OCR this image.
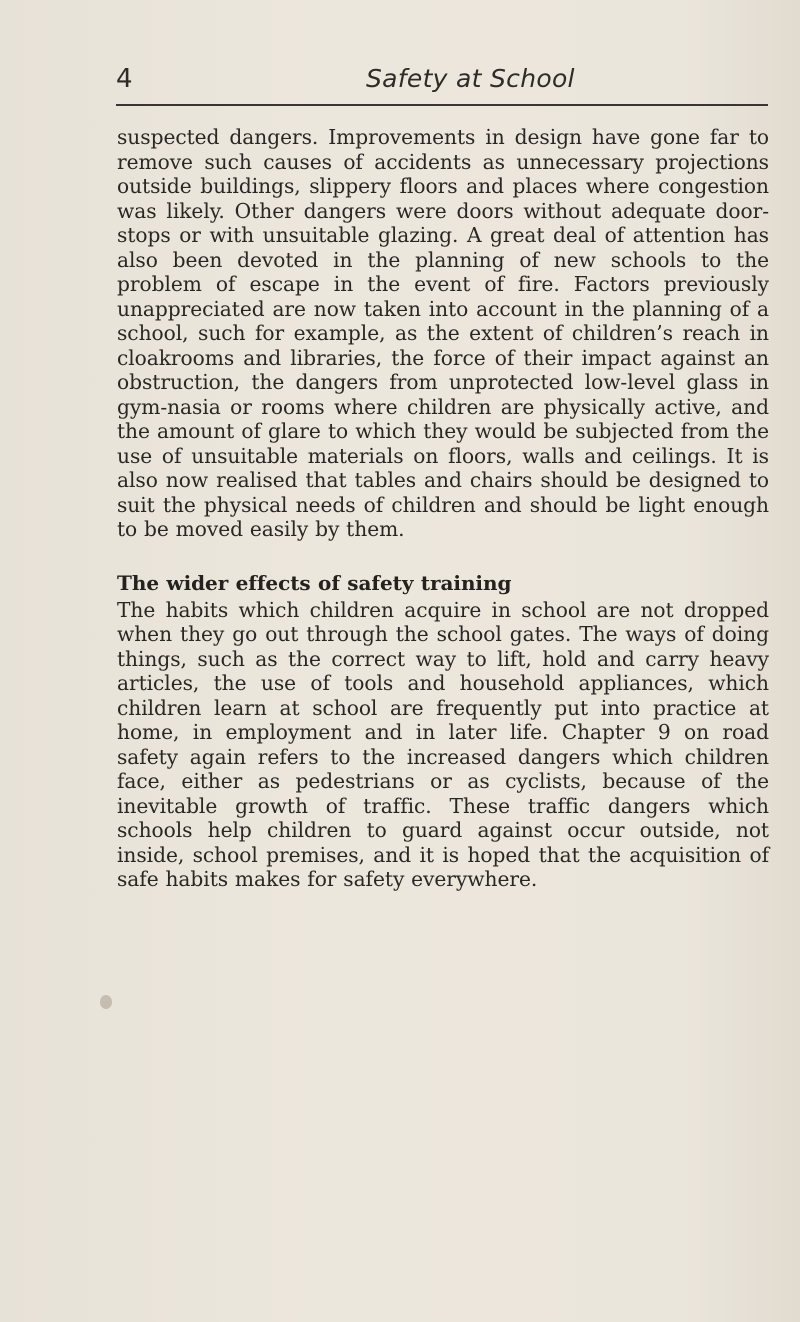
4	Safety at School

suspected dangers. Improvements in design have gone far to remove such causes of accidents as unnecessary projections outside buildings, slippery floors and places where congestion was likely. Other dangers were doors without adequate door-stops or with unsuitable glazing. A great deal of attention has also been devoted in the planning of new schools to the problem of escape in the event of fire. Factors previously unappreciated are now taken into account in the planning of a school, such for example, as the extent of children’s reach in cloakrooms and libraries, the force of their impact against an obstruction, the dangers from unprotected low-level glass in gym-nasia or rooms where children are physically active, and the amount of glare to which they would be subjected from the use of unsuitable materials on floors, walls and ceilings. It is also now realised that tables and chairs should be designed to suit the physical needs of children and should be light enough to be moved easily by them.

The wider effects of safety training

The habits which children acquire in school are not dropped when they go out through the school gates. The ways of doing things, such as the correct way to lift, hold and carry heavy articles, the use of tools and household appliances, which children learn at school are frequently put into practice at home, in employment and in later life. Chapter 9 on road safety again refers to the increased dangers which children face, either as pedestrians or as cyclists, because of the inevitable growth of traffic. These traffic dangers which schools help children to guard against occur outside, not inside, school premises, and it is hoped that the acquisition of safe habits makes for safety everywhere.
